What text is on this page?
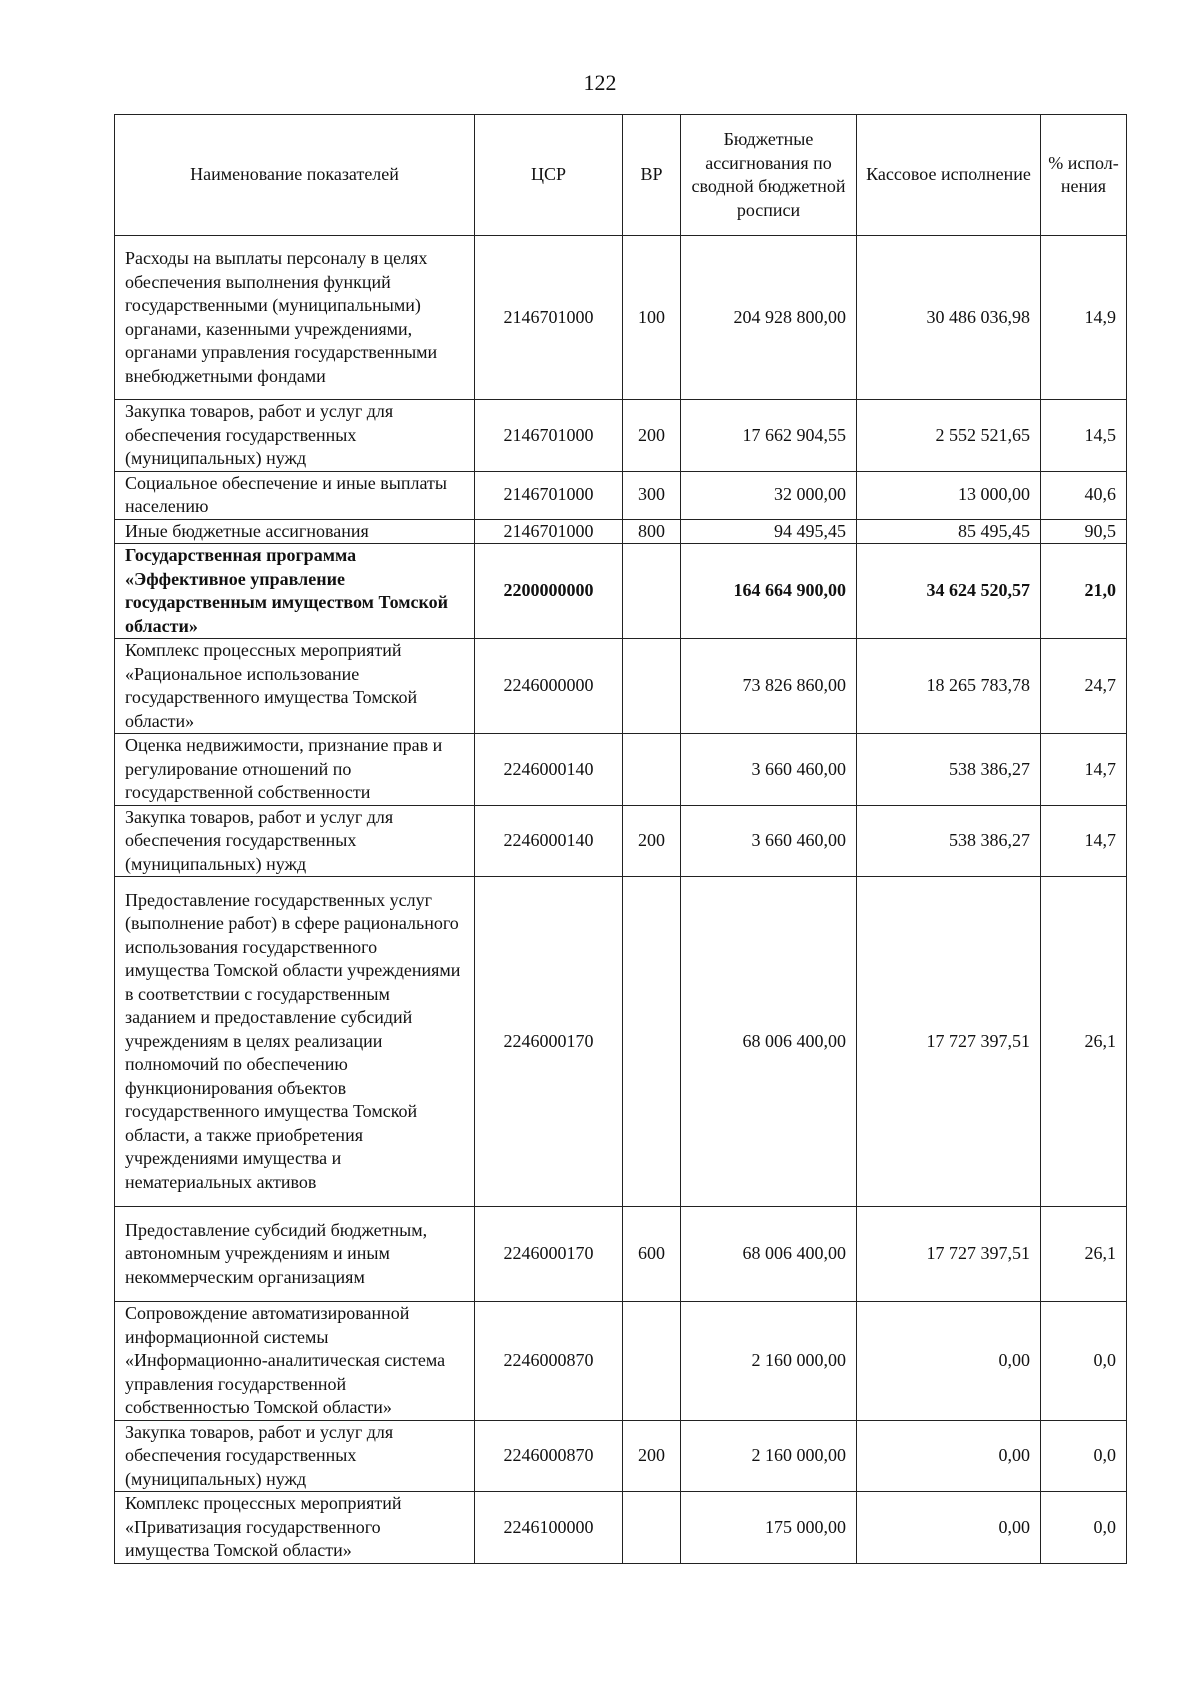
122
Наименование показателей	ЦСР	ВР	Бюджетные ассигнования по сводной бюджетной росписи	Кассовое исполнение	% испол-нения
Расходы на выплаты персоналу в целях обеспечения выполнения функций государственными (муниципальными) органами, казенными учреждениями, органами управления государственными внебюджетными фондами	2146701000	100	204 928 800,00	30 486 036,98	14,9
Закупка товаров, работ и услуг для обеспечения государственных (муниципальных) нужд	2146701000	200	17 662 904,55	2 552 521,65	14,5
Социальное обеспечение и иные выплаты населению	2146701000	300	32 000,00	13 000,00	40,6
Иные бюджетные ассигнования	2146701000	800	94 495,45	85 495,45	90,5
Государственная программа «Эффективное управление государственным имуществом Томской области»	2200000000		164 664 900,00	34 624 520,57	21,0
Комплекс процессных мероприятий «Рациональное использование государственного имущества Томской области»	2246000000		73 826 860,00	18 265 783,78	24,7
Оценка недвижимости, признание прав и регулирование отношений по государственной собственности	2246000140		3 660 460,00	538 386,27	14,7
Закупка товаров, работ и услуг для обеспечения государственных (муниципальных) нужд	2246000140	200	3 660 460,00	538 386,27	14,7
Предоставление государственных услуг (выполнение работ) в сфере рационального использования государственного имущества Томской области учреждениями в соответствии с государственным заданием и предоставление субсидий учреждениям в целях реализации полномочий по обеспечению функционирования объектов государственного имущества Томской области, а также приобретения учреждениями имущества и нематериальных активов	2246000170		68 006 400,00	17 727 397,51	26,1
Предоставление субсидий бюджетным, автономным учреждениям и иным некоммерческим организациям	2246000170	600	68 006 400,00	17 727 397,51	26,1
Сопровождение автоматизированной информационной системы «Информационно-аналитическая система управления государственной собственностью Томской области»	2246000870		2 160 000,00	0,00	0,0
Закупка товаров, работ и услуг для обеспечения государственных (муниципальных) нужд	2246000870	200	2 160 000,00	0,00	0,0
Комплекс процессных мероприятий «Приватизация государственного имущества Томской области»	2246100000		175 000,00	0,00	0,0
